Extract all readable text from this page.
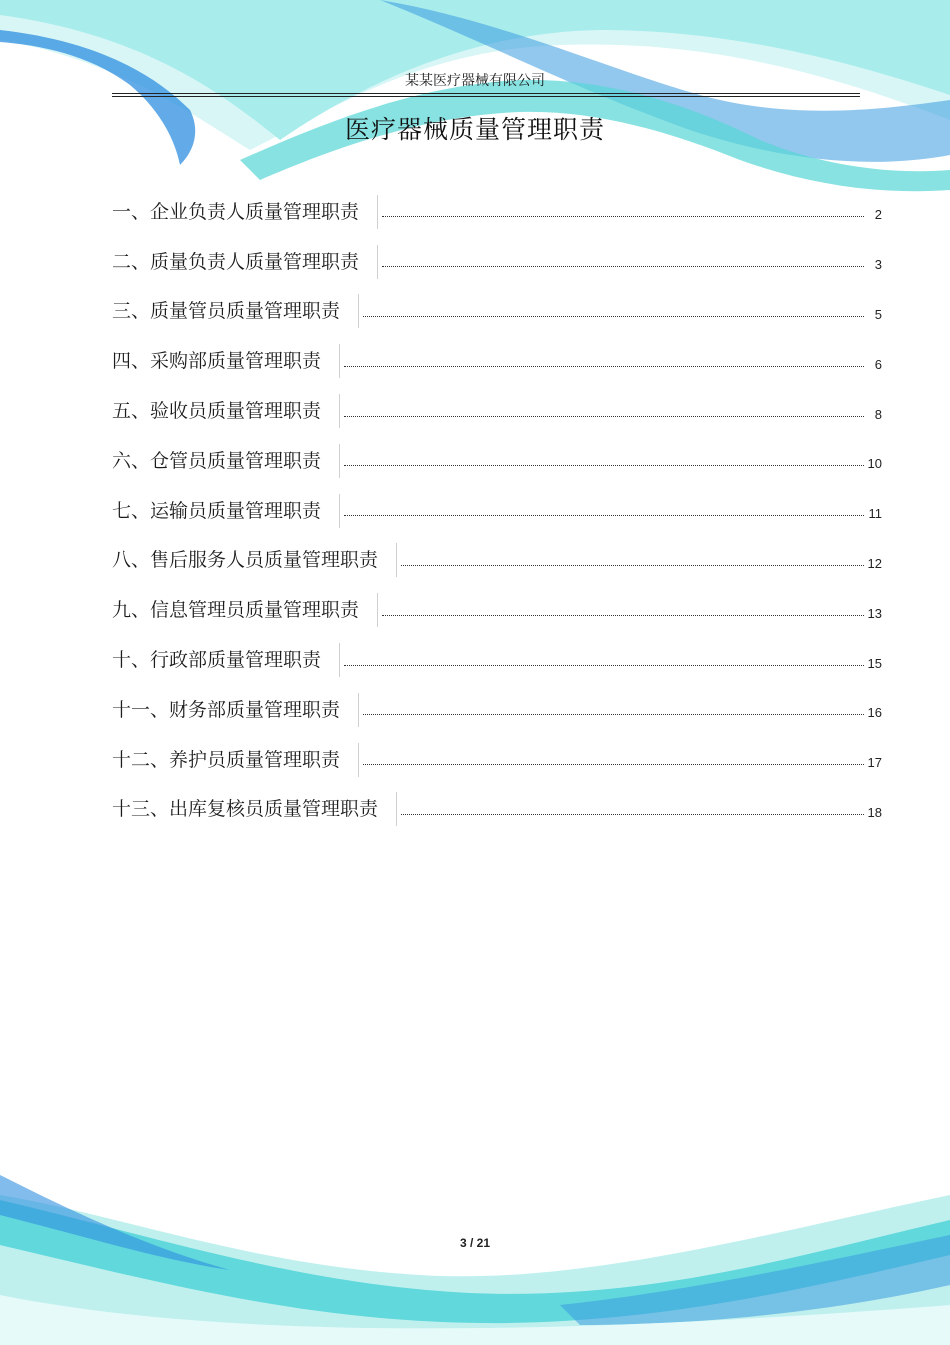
某某医疗器械有限公司
医疗器械质量管理职责
一、企业负责人质量管理职责	2
二、质量负责人质量管理职责	3
三、质量管员质量管理职责	5
四、采购部质量管理职责	6
五、验收员质量管理职责	8
六、仓管员质量管理职责	10
七、运输员质量管理职责	11
八、售后服务人员质量管理职责	12
九、信息管理员质量管理职责	13
十、行政部质量管理职责	15
十一、财务部质量管理职责	16
十二、养护员质量管理职责	17
十三、出库复核员质量管理职责	18
3 / 21
